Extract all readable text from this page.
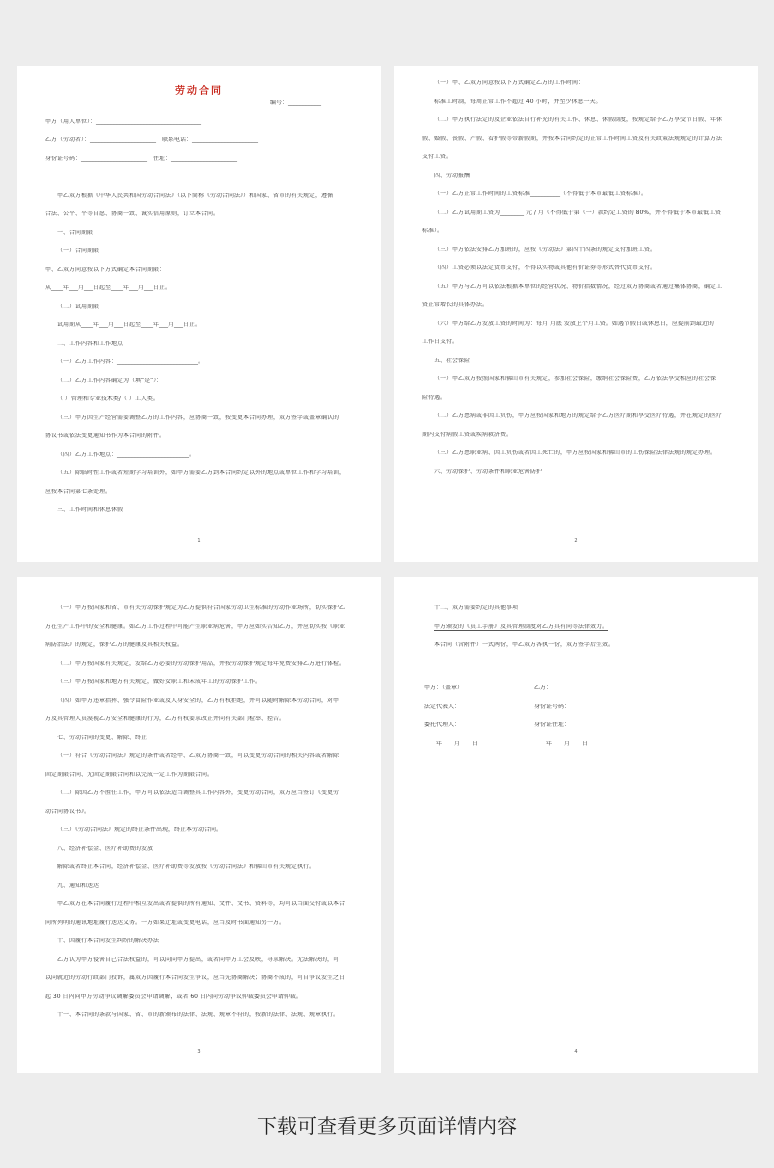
劳动合同
编号：___________
甲方（用人单位）：___________________________________
乙方（劳动者）：______________________　联系电话：______________________
身份证号码：______________________　住址：______________________
甲乙双方根据《中华人民共和国劳动合同法》（以下简称《劳动合同法》）和国家、省市的有关规定，遵循
合法、公平、平等自愿、协商一致、诚实信用原则，订立本合同。
一、合同期限
（一）合同期限
甲、乙双方同意按以下方式确定本合同期限：
从____年___月___日起至____年___月___日止。
（二）试用期限
试用期从____年___月___日起至____年___月___日止。
二、工作内容和工作地点
（一）乙方工作内容：___________________________。
（二）乙方工作内容确定为（填“是”）：
（ ）管理和专业技术类/（ ）工人类。
（三）甲方因生产经营需要调整乙方的工作内容，应协商一致，按变更本合同办理，双方签字或盖章确认的
协议书或依法变更通知书作为本合同的附件。
（四）乙方工作地点：________________________。
（五）除临时性工作或者短期学习培训外，如甲方需要乙方到本合同约定以外的地点或单位工作和学习培训，
应按本合同第七条处理。
三、工作时间和休息休假
1
（一）甲、乙双方同意按以下方式确定乙方的工作时间：
标准工时制，每周正常工作不超过 40 小时，并至少休息一天。
（二）甲方执行法定的及企业依法自行补充的有关工作、休息、休假制度，按规定给予乙方享受节日假、年休
假、婚假、丧假、产假、看护假等带薪假期，并按本合同约定的正常工作时间工资及有关政策法规规定的计算方法
支付工资。
四、劳动报酬
（一）乙方正常工作时间的工资标准__________（不得低于本市最低工资标准）。
（二）乙方试用期工资为________ 元 / 月（不得低于第（一）款约定工资的 80%，并不得低于本市最低工资
标准）。
（三）甲方依法安排乙方加班的，应按《劳动法》第四十四条的规定支付加班工资。
（四）工资必须以法定货币支付，不得以实物或其他有价证券等形式替代货币支付。
（五）甲方与乙方可以依法根据本单位的经营状况、物价指数情况，经过双方协商或者通过集体协商，确定工
资正常增长的具体办法。
（六）甲方给乙方发放工资的时间为：每月 月底 发放上个月工资。如遇节假日或休息日，应提前到最近的
工作日支付。
五、社会保险
（一）甲乙双方按照国家和佛山市有关规定，参加社会保险，缴纳社会保险费，乙方依法享受相应的社会保
险待遇。
（二）乙方患病或非因工负伤，甲方应按国家和地方的规定给予乙方医疗期和享受医疗待遇，并在规定的医疗
期内支付病假工资或疾病救济费。
（三）乙方患职业病、因工负伤或者因工死亡的，甲方应按国家和佛山市的工伤保险法律法规的规定办理。
六、劳动保护、劳动条件和职业危害防护
2
（一）甲方按国家和省、市有关劳动保护规定为乙方提供符合国家劳动卫生标准的劳动作业场所，切实保护乙
方在生产工作中的安全和健康。如乙方工作过程中可能产生职业病危害，甲方应如实告知乙方，并应切实按《职业
病防治法》的规定，保护乙方的健康及其相关权益。
（二）甲方按国家有关规定，发给乙方必要的劳动保护用品，并按劳动保护规定每年免费安排乙方进行体检。
（三）甲方按国家和地方有关规定，做好女职工和未成年工的劳动保护工作。
（四）如甲方违章指挥、强令冒险作业或及人身安全的，乙方有权拒绝，并可以随时解除本劳动合同，对甲
方及其管理人员漠视乙方安全和健康的行为，乙方有权要求改正并向有关部门检举、控告。
七、劳动合同的变更、解除、终止
（一）符合《劳动合同法》规定的条件或者经甲、乙双方协商一致，可以变更劳动合同的相关内容或者解除
固定期限合同、无固定期限合同和以完成一定工作为期限合同。
（二）除因乙方不胜任工作，甲方可以依法适当调整其工作内容外，变更劳动合同，双方应当签订《变更劳
动合同协议书》。
（三）《劳动合同法》规定的终止条件出现，终止本劳动合同。
八、经济补偿金、医疗补助费的发放
解除或者终止本合同，经济补偿金、医疗补助费等发放按《劳动合同法》和佛山市有关规定执行。
九、通知和送达
甲乙双方在本合同履行过程中相互发出或者提供的所有通知、文件、文书、资料等，均可以当面交付或以本合
同所列明的通讯地址履行送达义务。一方如果迁址或变更电话，应当及时书面通知另一方。
十、因履行本合同发生纠纷的解决办法
乙方认为甲方侵害自己合法权益的，可以向向甲方提出，或者向甲方工会反映，寻求解决。无法解决的，可
以向就近的劳动行政部门投诉，属双方因履行本合同发生争议，应当先协商解决；协商不成的，可自争议发生之日
起 30 日内向甲方劳动争议调解委员会申请调解，或者 60 日内向劳动争议仲裁委员会申请仲裁。
十一、本合同的条款与国家、省、市的新颁布的法律、法规、规章不符的，按新的法律、法规、规章执行。
3
十二、双方需要约定的其他事项
甲方颁发的《员工手册》及其管理制度对乙方具有同等法律效力。
本合同（含附件）一式两份，甲乙双方各执一份，双方签字后生效。
甲方：（盖章）
法定代表人：
委托代理人：
年　　月　　日
乙方：
身份证号码：
身份证住址：
年　　月　　日
4
下载可查看更多页面详情内容
